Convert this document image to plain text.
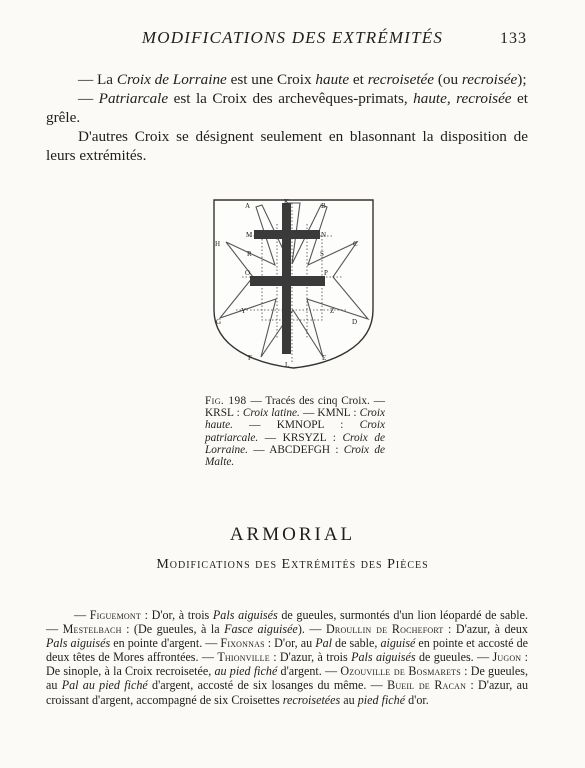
MODIFICATIONS DES EXTRÉMITÉS	133

— La Croix de Lorraine est une Croix haute et recroisetée (ou recroisée);

— Patriarcale est la Croix des archevêques-primats, haute, recroisée et grêle.

D'autres Croix se désignent seulement en blasonnant la disposition de leurs extrémités.

A	K	B
M	N
H	C
R	S
O	P
G	D
Y	Z
F
L
E
Fig. 198 — Tracés des cinq Croix. — KRSL : Croix latine. — KMNL : Croix haute. — KMNOPL : Croix patriarcale. — KRSYZL : Croix de Lorraine. — ABCDEFGH : Croix de Malte.
ARMORIAL
Modifications des Extrémités des Pièces
— Figuemont : D'or, à trois Pals aiguisés de gueules, surmontés d'un lion léopardé de sable. — Mestelbach : (De gueules, à la Fasce aiguisée). — Droullin de Rochefort : D'azur, à deux Pals aiguisés en pointe d'argent. — Fixonnas : D'or, au Pal de sable, aiguisé en pointe et accosté de deux têtes de Mores affrontées. — Thionville : D'azur, à trois Pals aiguisés de gueules. — Jugon : De sinople, à la Croix recroisetée, au pied fiché d'argent. — Ozouville de Bosmarets : De gueules, au Pal au pied fiché d'argent, accosté de six losanges du même. — Bueil de Racan : D'azur, au croissant d'argent, accompagné de six Croisettes recroisetées au pied fiché d'or.
